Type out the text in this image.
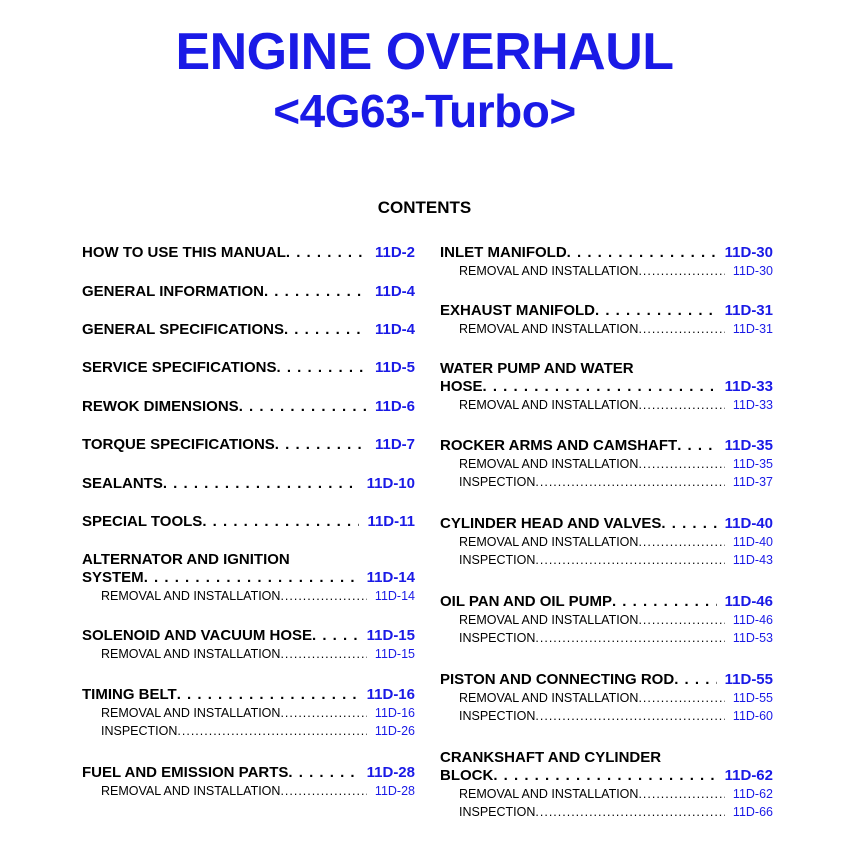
ENGINE OVERHAUL
<4G63-Turbo>
CONTENTS
HOW TO USE THIS MANUAL . . .	11D-2
GENERAL INFORMATION . . .	11D-4
GENERAL SPECIFICATIONS . . .	11D-4
SERVICE SPECIFICATIONS . . .	11D-5
REWOK DIMENSIONS . . .	11D-6
TORQUE SPECIFICATIONS . . .	11D-7
SEALANTS . . .	11D-10
SPECIAL TOOLS . . .	11D-11
ALTERNATOR AND IGNITION
SYSTEM . . .	11D-14
REMOVAL AND INSTALLATION .....	11D-14
SOLENOID AND VACUUM HOSE . . .	11D-15
REMOVAL AND INSTALLATION .....	11D-15
TIMING BELT . . .	11D-16
REMOVAL AND INSTALLATION .....	11D-16
INSPECTION .....	11D-26
FUEL AND EMISSION PARTS . . .	11D-28
REMOVAL AND INSTALLATION .....	11D-28
INLET MANIFOLD . . .	11D-30
REMOVAL AND INSTALLATION .....	11D-30
EXHAUST MANIFOLD . . .	11D-31
REMOVAL AND INSTALLATION .....	11D-31
WATER PUMP AND WATER
HOSE . . .	11D-33
REMOVAL AND INSTALLATION .....	11D-33
ROCKER ARMS AND CAMSHAFT . . .	11D-35
REMOVAL AND INSTALLATION .....	11D-35
INSPECTION .....	11D-37
CYLINDER HEAD AND VALVES . . .	11D-40
REMOVAL AND INSTALLATION .....	11D-40
INSPECTION .....	11D-43
OIL PAN AND OIL PUMP . . .	11D-46
REMOVAL AND INSTALLATION .....	11D-46
INSPECTION .....	11D-53
PISTON AND CONNECTING ROD . . .	11D-55
REMOVAL AND INSTALLATION .....	11D-55
INSPECTION .....	11D-60
CRANKSHAFT AND CYLINDER
BLOCK . . .	11D-62
REMOVAL AND INSTALLATION .....	11D-62
INSPECTION .....	11D-66
